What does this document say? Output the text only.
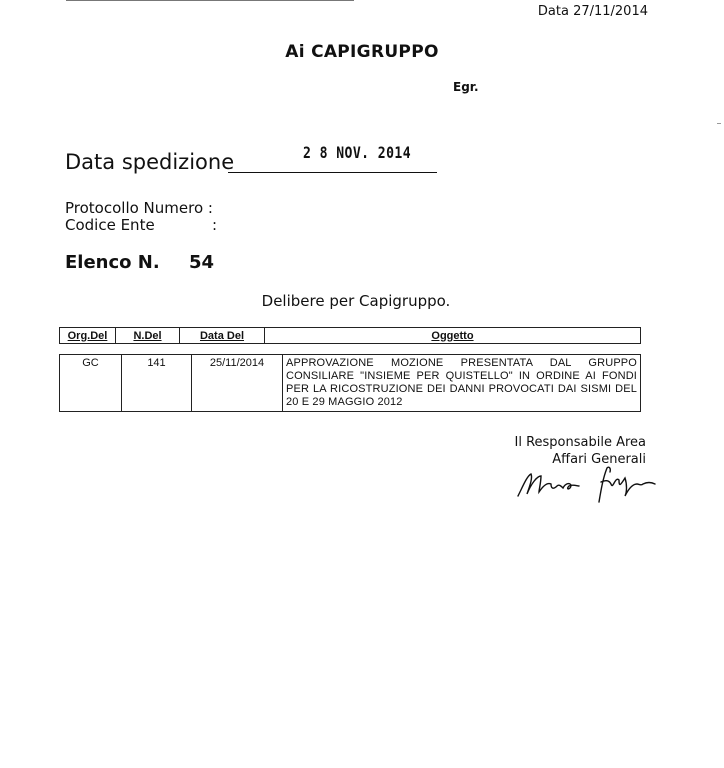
Data 27/11/2014
Ai CAPIGRUPPO
Egr.
Data spedizione	2 8 NOV. 2014
Protocollo Numero :
Codice Ente	:
Elenco N. 54
Delibere per Capigruppo.
Org.Del	N.Del	Data Del	Oggetto
GC	141	25/11/2014	APPROVAZIONE MOZIONE PRESENTATA DAL GRUPPO CONSILIARE "INSIEME PER QUISTELLO" IN ORDINE AI FONDI PER LA RICOSTRUZIONE DEI DANNI PROVOCATI DAI SISMI DEL 20 E 29 MAGGIO 2012
Il Responsabile Area
Affari Generali
